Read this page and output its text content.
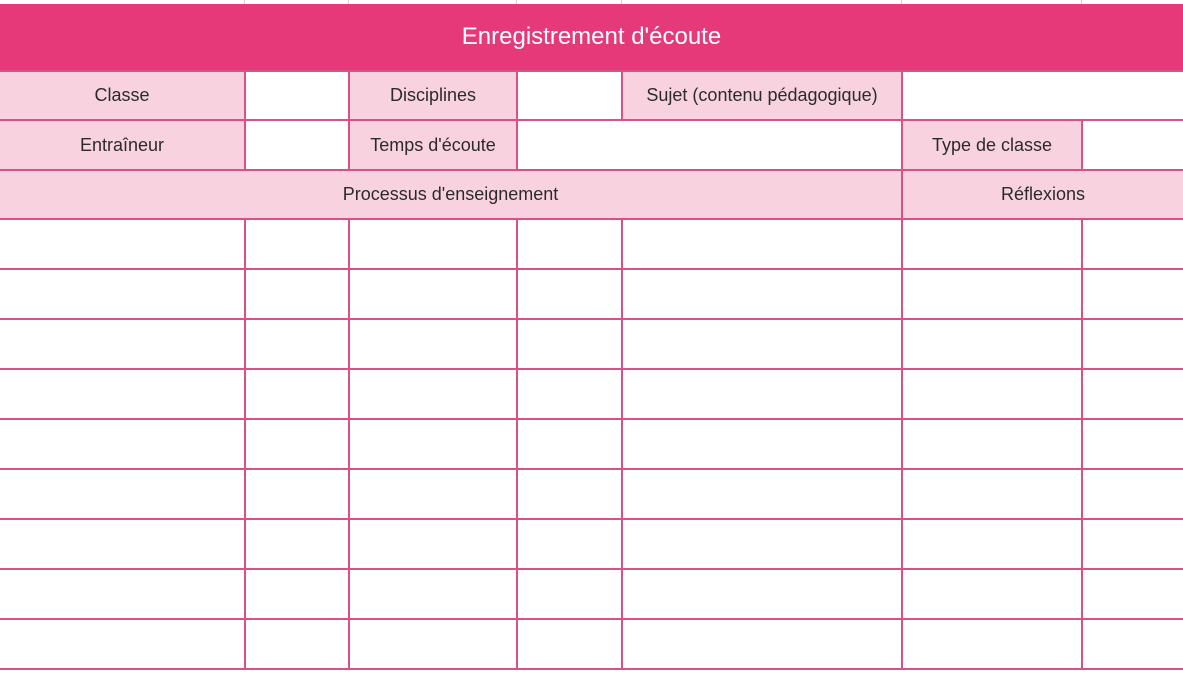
Enregistrement d'écoute
Classe	Disciplines	Sujet (contenu pédagogique)
Entraîneur	Temps d'écoute	Type de classe
Processus d'enseignement	Réflexions
